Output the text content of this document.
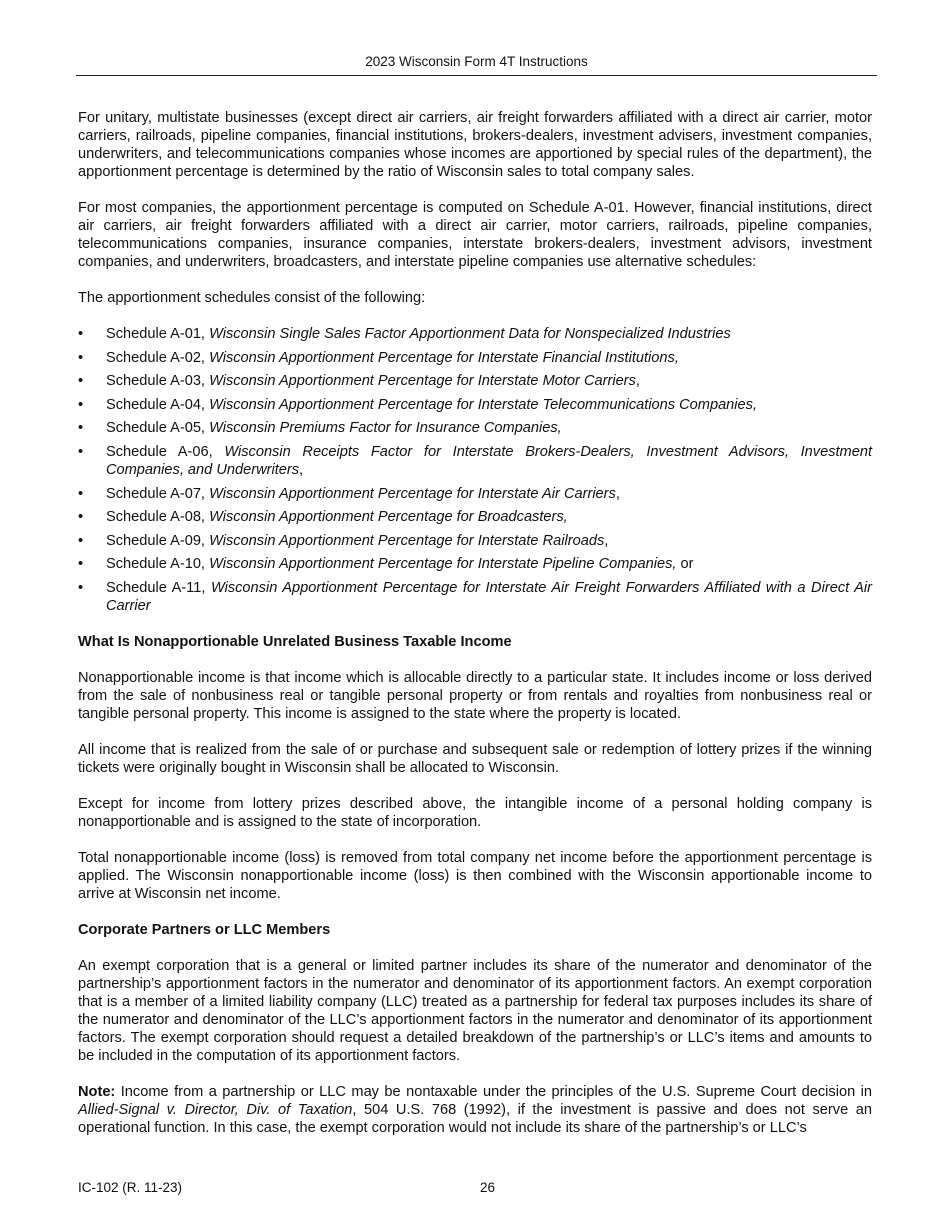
2023 Wisconsin Form 4T Instructions

For unitary, multistate businesses (except direct air carriers, air freight forwarders affiliated with a direct air carrier, motor carriers, railroads, pipeline companies, financial institutions, brokers-dealers, investment advisers, investment companies, underwriters, and telecommunications companies whose incomes are apportioned by special rules of the department), the apportionment percentage is determined by the ratio of Wisconsin sales to total company sales.

For most companies, the apportionment percentage is computed on Schedule A-01. However, financial institutions, direct air carriers, air freight forwarders affiliated with a direct air carrier, motor carriers, railroads, pipeline companies, telecommunications companies, insurance companies, interstate brokers-dealers, investment advisors, investment companies, and underwriters, broadcasters, and interstate pipeline companies use alternative schedules:

The apportionment schedules consist of the following:

• Schedule A-01, Wisconsin Single Sales Factor Apportionment Data for Nonspecialized Industries
• Schedule A-02, Wisconsin Apportionment Percentage for Interstate Financial Institutions,
• Schedule A-03, Wisconsin Apportionment Percentage for Interstate Motor Carriers,
• Schedule A-04, Wisconsin Apportionment Percentage for Interstate Telecommunications Companies,
• Schedule A-05, Wisconsin Premiums Factor for Insurance Companies,
• Schedule A-06, Wisconsin Receipts Factor for Interstate Brokers-Dealers, Investment Advisors, Investment Companies, and Underwriters,
• Schedule A-07, Wisconsin Apportionment Percentage for Interstate Air Carriers,
• Schedule A-08, Wisconsin Apportionment Percentage for Broadcasters,
• Schedule A-09, Wisconsin Apportionment Percentage for Interstate Railroads,
• Schedule A-10, Wisconsin Apportionment Percentage for Interstate Pipeline Companies, or
• Schedule A-11, Wisconsin Apportionment Percentage for Interstate Air Freight Forwarders Affiliated with a Direct Air Carrier
What Is Nonapportionable Unrelated Business Taxable Income

Nonapportionable income is that income which is allocable directly to a particular state. It includes income or loss derived from the sale of nonbusiness real or tangible personal property or from rentals and royalties from nonbusiness real or tangible personal property. This income is assigned to the state where the property is located.

All income that is realized from the sale of or purchase and subsequent sale or redemption of lottery prizes if the winning tickets were originally bought in Wisconsin shall be allocated to Wisconsin.

Except for income from lottery prizes described above, the intangible income of a personal holding company is nonapportionable and is assigned to the state of incorporation.

Total nonapportionable income (loss) is removed from total company net income before the apportionment percentage is applied. The Wisconsin nonapportionable income (loss) is then combined with the Wisconsin apportionable income to arrive at Wisconsin net income.

Corporate Partners or LLC Members

An exempt corporation that is a general or limited partner includes its share of the numerator and denominator of the partnership’s apportionment factors in the numerator and denominator of its apportionment factors. An exempt corporation that is a member of a limited liability company (LLC) treated as a partnership for federal tax purposes includes its share of the numerator and denominator of the LLC’s apportionment factors in the numerator and denominator of its apportionment factors. The exempt corporation should request a detailed breakdown of the partnership’s or LLC’s items and amounts to be included in the computation of its apportionment factors.

Note: Income from a partnership or LLC may be nontaxable under the principles of the U.S. Supreme Court decision in Allied-Signal v. Director, Div. of Taxation, 504 U.S. 768 (1992), if the investment is passive and does not serve an operational function. In this case, the exempt corporation would not include its share of the partnership’s or LLC’s

IC-102 (R. 11-23)	26
